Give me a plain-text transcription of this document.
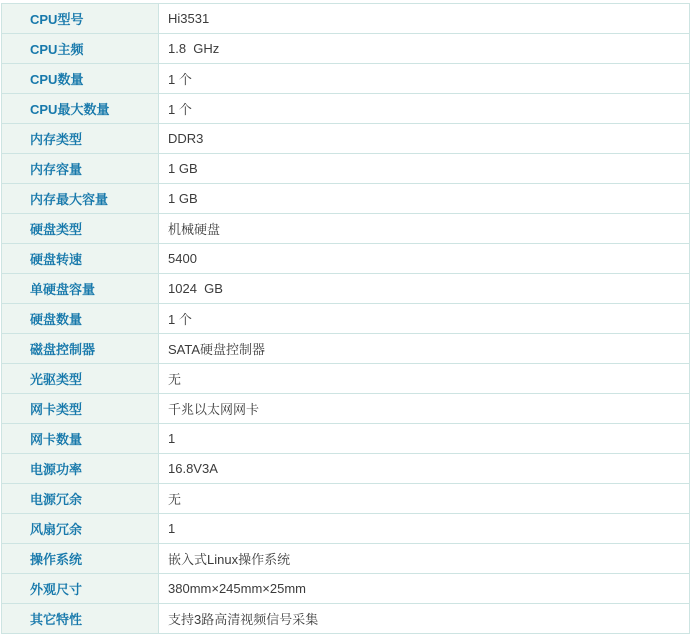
CPU型号	Hi3531
CPU主频	1.8  GHz
CPU数量	1 个
CPU最大数量	1 个
内存类型	DDR3
内存容量	1 GB
内存最大容量	1 GB
硬盘类型	机械硬盘
硬盘转速	5400
单硬盘容量	1024  GB
硬盘数量	1 个
磁盘控制器	SATA硬盘控制器
光驱类型	无
网卡类型	千兆以太网网卡
网卡数量	1
电源功率	16.8V3A
电源冗余	无
风扇冗余	1
操作系统	嵌入式Linux操作系统
外观尺寸	380mm×245mm×25mm
其它特性	支持3路高清视频信号采集
